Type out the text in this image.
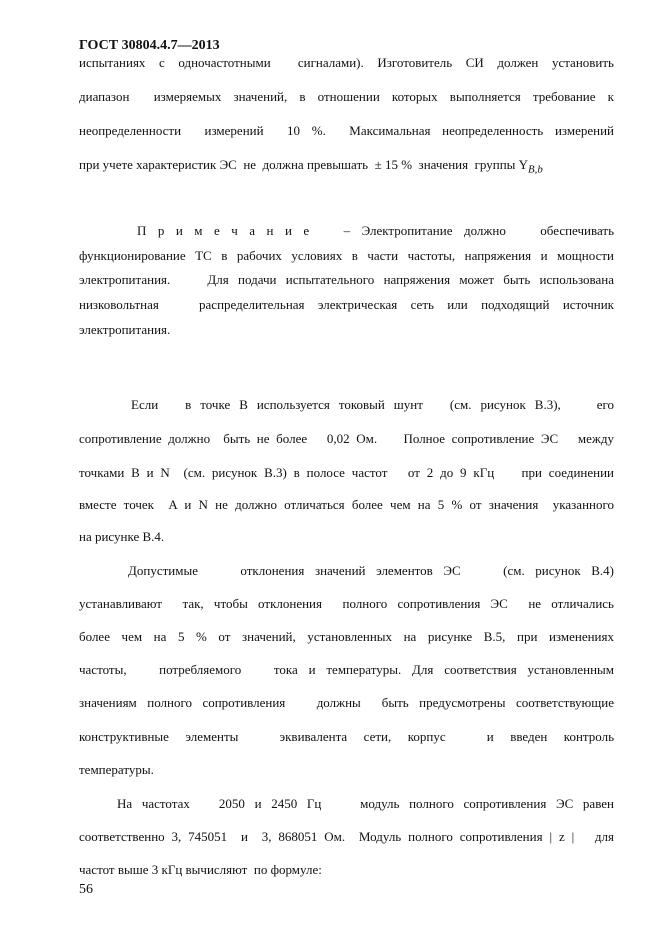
ГОСТ 30804.4.7—2013
испытаниях с одночастотными  сигналами). Изготовитель СИ должен установить
диапазон  измеряемых значений, в отношении которых выполняется требование к
неопределенности  измерений  10 %.  Максимальная неопределенность измерений
при учете характеристик ЭС  не  должна превышать  ± 15 %  значения  группы $Y_{B,b}$
П р и м е ч а н и е   – Электропитание должно   обеспечивать
функционирование ТС в рабочих условиях в части частоты, напряжения и мощности
электропитания.    Для подачи испытательного напряжения может быть использована
низковольтная   распределительная электрическая сеть или подходящий источник
электропитания.
Если   в точке B используется токовый шунт   (см. рисунок В.3),    его
сопротивление должно  быть не более   0,02 Ом.    Полное сопротивление ЭС   между
точками B и N  (см. рисунок В.3) в полосе частот   от 2 до 9 кГц    при соединении
вместе точек  A и N не должно отличаться более чем на 5 % от значения  указанного
на рисунке В.4.
Допустимые    отклонения значений элементов ЭС    (см. рисунок В.4)
устанавливают  так, чтобы отклонения  полного сопротивления ЭС  не отличались
более чем на 5 % от значений, установленных на рисунке В.5, при изменениях
частоты,   потребляемого   тока и температуры. Для соответствия установленным
значениям полного сопротивления   должны  быть предусмотрены соответствующие
конструктивные  элементы     эквивалента  сети,  корпус     и  введен  контроль
температуры.
На частотах   2050 и 2450 Гц    модуль полного сопротивления ЭС равен
соответственно 3, 745051  и  3, 868051 Ом.  Модуль полного сопротивления | z |   для
частот выше 3 кГц вычисляют  по формуле:
56
